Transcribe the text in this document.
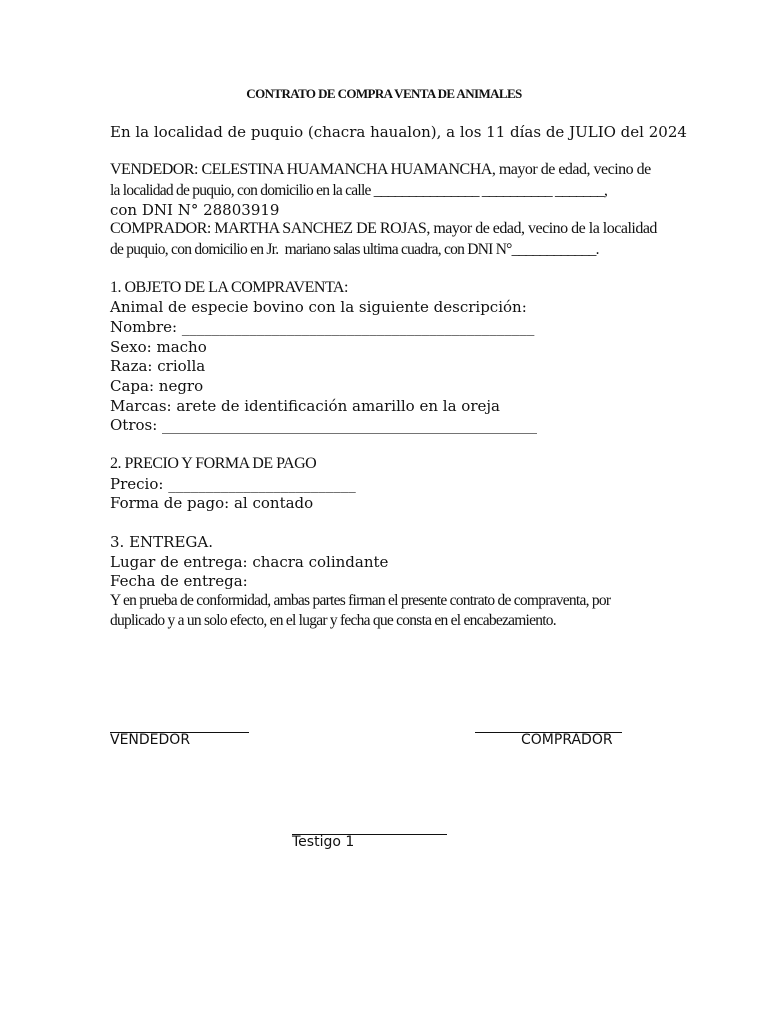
CONTRATO DE COMPRA VENTA DE ANIMALES
En la localidad de puquio (chacra haualon), a los 11 días de JULIO del 2024
VENDEDOR: CELESTINA HUAMANCHA HUAMANCHA, mayor de edad, vecino de
la localidad de puquio, con domicilio en la calle _______________ __________ _______,
con DNI N° 28803919
COMPRADOR: MARTHA SANCHEZ DE ROJAS, mayor de edad, vecino de la localidad
de puquio, con domicilio en Jr.  mariano salas ultima cuadra, con DNI N°____________.
1. OBJETO DE LA COMPRAVENTA:
Animal de especie bovino con la siguiente descripción:
Nombre: _______________________________________________
Sexo: macho
Raza: criolla
Capa: negro
Marcas: arete de identificación amarillo en la oreja
Otros: __________________________________________________
2. PRECIO Y FORMA DE PAGO
Precio: _________________________
Forma de pago: al contado
3. ENTREGA.
Lugar de entrega: chacra colindante
Fecha de entrega:
Y en prueba de conformidad, ambas partes firman el presente contrato de compraventa, por
duplicado y a un solo efecto, en el lugar y fecha que consta en el encabezamiento.
VENDEDOR	COMPRADOR
Testigo 1
